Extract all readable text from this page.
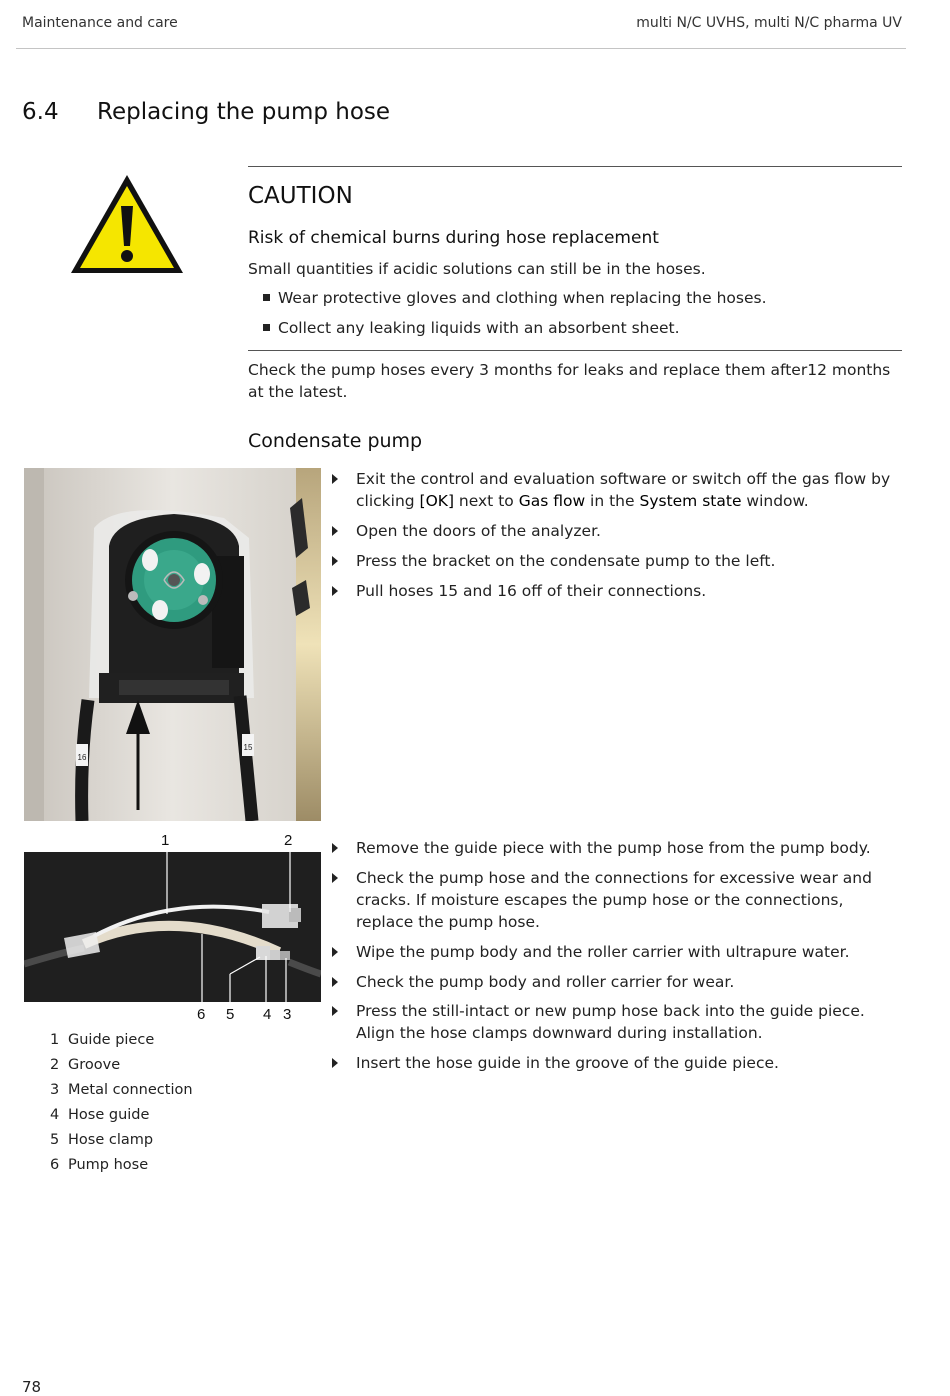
Maintenance and care	multi N/C UVHS, multi N/C pharma UV
6.4 Replacing the pump hose
CAUTION
Risk of chemical burns during hose replacement
Small quantities if acidic solutions can still be in the hoses.
Wear protective gloves and clothing when replacing the hoses.
Collect any leaking liquids with an absorbent sheet.
Check the pump hoses every 3 months for leaks and replace them after12 months at the latest.
Condensate pump
16
15
Exit the control and evaluation software or switch off the gas flow by clicking [OK] next to Gas flow in the System state window.
Open the doors of the analyzer.
Press the bracket on the condensate pump to the left.
Pull hoses 15 and 16 off of their connections.
1	2
6 5 4 3
Remove the guide piece with the pump hose from the pump body.
Check the pump hose and the connections for excessive wear and cracks. If moisture escapes the pump hose or the connections, replace the pump hose.
Wipe the pump body and the roller carrier with ultrapure water.
Check the pump body and roller carrier for wear.
Press the still-intact or new pump hose back into the guide piece. Align the hose clamps downward during installation.
Insert the hose guide in the groove of the guide piece.
1 Guide piece
2 Groove
3 Metal connection
4 Hose guide
5 Hose clamp
6 Pump hose
78
